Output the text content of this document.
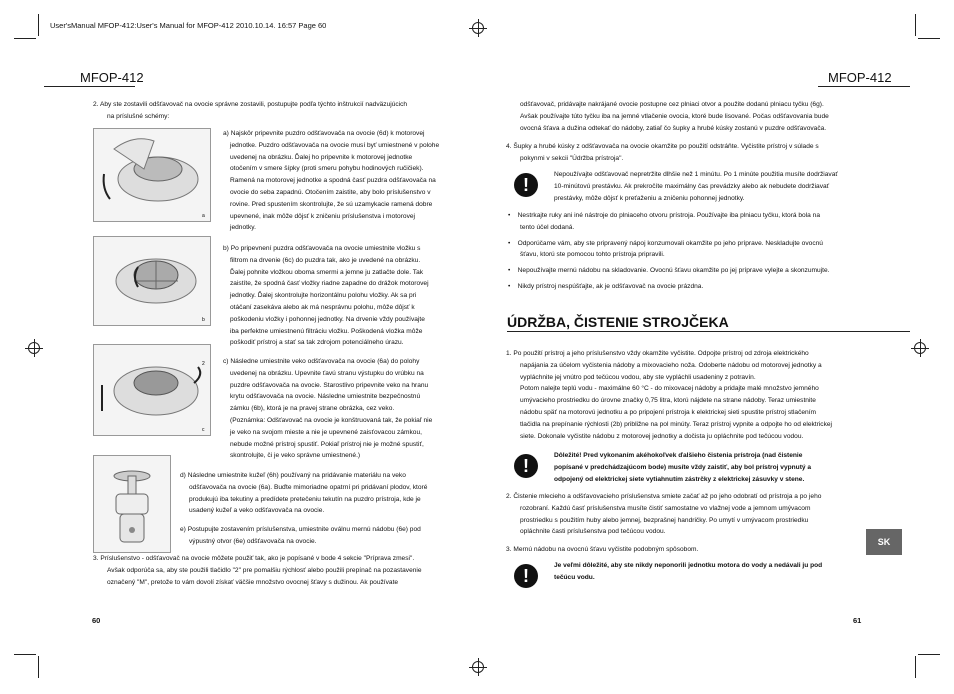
User'sManual MFOP-412:User's Manual for MFOP-412 2010.10.14. 16:57 Page 60
MFOP-412	MFOP-412
2. Aby ste zostavili odšťavovač na ovocie správne zostavili, postupujte podľa týchto inštrukcií nadväzujúcich
na príslušné schémy:
a
b
2
c
a) Najskôr pripevnite puzdro odšťavovača na ovocie (6d) k motorovej
jednotke. Puzdro odšťavovača na ovocie musí byť umiestnené v polohe
uvedenej na obrázku. Ďalej ho pripevnite k motorovej jednotke
otočením v smere šípky (proti smeru pohybu hodinových ručičiek).
Ramená na motorovej jednotke a spodná časť puzdra odšťavovača na
ovocie do seba zapadnú. Otočením zaistite, aby bolo príslušenstvo v
rovine. Pred spustením skontrolujte, že sú uzamykacie ramená dobre
upevnené, inak môže dôjsť k zničeniu príslušenstva i motorovej
jednotky.
b) Po pripevnení puzdra odšťavovača na ovocie umiestnite vložku s
filtrom na drvenie (6c) do puzdra tak, ako je uvedené na obrázku.
Ďalej pohnite vložkou oboma smermi a jemne ju zatlačte dole. Tak
zaistíte, že spodná časť vložky riadne zapadne do drážok motorovej
jednotky. Ďalej skontrolujte horizontálnu polohu vložky. Ak sa pri
otáčaní zasekáva alebo ak má nesprávnu polohu, môže dôjsť k
poškodeniu vložky i pohonnej jednotky. Na drvenie vždy používajte
iba perfektne umiestnenú filtráciu vložku. Poškodená vložka môže
poškodiť prístroj a stať sa tak zdrojom potenciálneho úrazu.
c) Následne umiestnite veko odšťavovača na ovocie (6a) do polohy
uvedenej na obrázku. Upevnite ťavú stranu výstupku do vrúbku na
puzdre odšťavovača na ovocie. Starostlivo pripevnite veko na hranu
krytu odšťavovača na ovocie. Následne umiestnite bezpečnostnú
zámku (6b), ktorá je na pravej strane obrázka, cez veko.
(Poznámka: Odšťavovač na ovocie je konštruovaná tak, že pokiaľ nie
je veko na svojom mieste a nie je upevnené zaisťovacou zámkou,
nebude možné prístroj spustiť. Pokiaľ prístroj nie je možné spustiť,
skontrolujte, či je veko správne umiestnené.)
d) Následne umiestnite kužeľ (6h) používaný na pridávanie materiálu na veko
odšťavovača na ovocie (6a). Buďte mimoriadne opatrní pri pridávaní plodov, ktoré
produkujú iba tekutiny a predídete pretečeniu tekutín na puzdro prístroja, kde je
usadený kužeľ a veko odšťavovača na ovocie.
e) Postupujte zostavením príslušenstva, umiestnite oválnu mernú nádobu (6e) pod
výpustný otvor (6e) odšťavovača na ovocie.
3. Príslušenstvo - odšťavovač na ovocie môžete použiť tak, ako je popísané v bode 4 sekcie "Príprava zmesi".
Avšak odporúča sa, aby ste použili tlačidlo "2" pre pomalšiu rýchlosť alebo použili prepínač na pozastavenie
označený "M", pretože to vám dovolí získať väčšie množstvo ovocnej šťavy s dužinou. Ak používate
60
odšťavovač, pridávajte nakrájané ovocie postupne cez plniaci otvor a použite dodanú plniacu tyčku (6g).
Avšak používajte túto tyčku iba na jemné vtlačenie ovocia, ktoré bude lisované. Počas odšťavovania bude
ovocná šťava a dužina odtekať do nádoby, zatiaľ čo šupky a hrubé kúsky zostanú v puzdre odšťavovača.
4. Šupky a hrubé kúsky z odšťavovača na ovocie okamžite po použití odstráňte. Vyčistite prístroj v súlade s
pokynmi v sekcii "Údržba prístroja".
!
Nepoužívajte odšťavovač nepretržite dlhšie než 1 minútu. Po 1 minúte použitia musíte dodržiavať
10-minútovú prestávku. Ak prekročíte maximálny čas prevádzky alebo ak nebudete dodržiavať
prestávky, môže dôjsť k preťaženiu a zničeniu pohonnej jednotky.
•    Nestrkajte ruky ani iné nástroje do plniaceho otvoru prístroja. Používajte iba plniacu tyčku, ktorá bola na
tento účel dodaná.
•    Odporúčame vám, aby ste pripravený nápoj konzumovali okamžite po jeho príprave. Neskladujte ovocnú
šťavu, ktorú ste pomocou tohto prístroja pripravili.
•    Nepoužívajte mernú nádobu na skladovanie. Ovocnú šťavu okamžite po jej príprave vylejte a skonzumujte.
•    Nikdy prístroj nespúšťajte, ak je odšťavovač na ovocie prázdna.
ÚDRŽBA, ČISTENIE STROJČEKA
1. Po použití prístroj a jeho príslušenstvo vždy okamžite vyčistite. Odpojte prístroj od zdroja elektrického
napájania za účelom vyčistenia nádoby a mixovacieho noža. Odoberte nádobu od motorovej jednotky a
vypláchnite jej vnútro pod tečúcou vodou, aby ste vypláchli usadeniny z potravín.
Potom nalejte teplú vodu - maximálne 60 °C - do mixovacej nádoby a pridajte malé množstvo jemného
umývacieho prostriedku do úrovne značky 0,75 litra, ktorú nájdete na strane nádoby. Teraz umiestnite
nádobu späť na motorovú jednotku a po pripojení prístroja k elektrickej sieti spustite prístroj stlačením
tlačidla na prepínanie rýchlosti (2b) približne na pol minúty. Teraz prístroj vypnite a odpojte ho od elektrickej
siete. Dokonale vyčistite nádobu z motorovej jednotky a dočista ju opláchnite pod tečúcou vodou.
!
Dôležité! Pred vykonaním akéhokoľvek ďalšieho čistenia prístroja (nad čistenie
popísané v predchádzajúcom bode) musíte vždy zaistiť, aby bol prístroj vypnutý a
odpojený od elektrickej siete vytiahnutím zástrčky z elektrickej zásuvky v stene.
2. Čistenie mlecieho a odšťavovacieho príslušenstva smiete začať až po jeho odobratí od prístroja a po jeho
rozobraní. Každú časť príslušenstva musíte čistiť samostatne vo vlažnej vode a jemnom umývacom
prostriedku s použitím huby alebo jemnej, bezprašnej handričky. Po umytí v umývacom prostriedku
opláchnite časti príslušenstva pod tečúcou vodou.
3. Mernú nádobu na ovocnú šťavu vyčistite podobným spôsobom.
!
Je veľmi dôležité, aby ste nikdy neponorili jednotku motora do vody a nedávali ju pod
tečúcu vodu.
SK
61
